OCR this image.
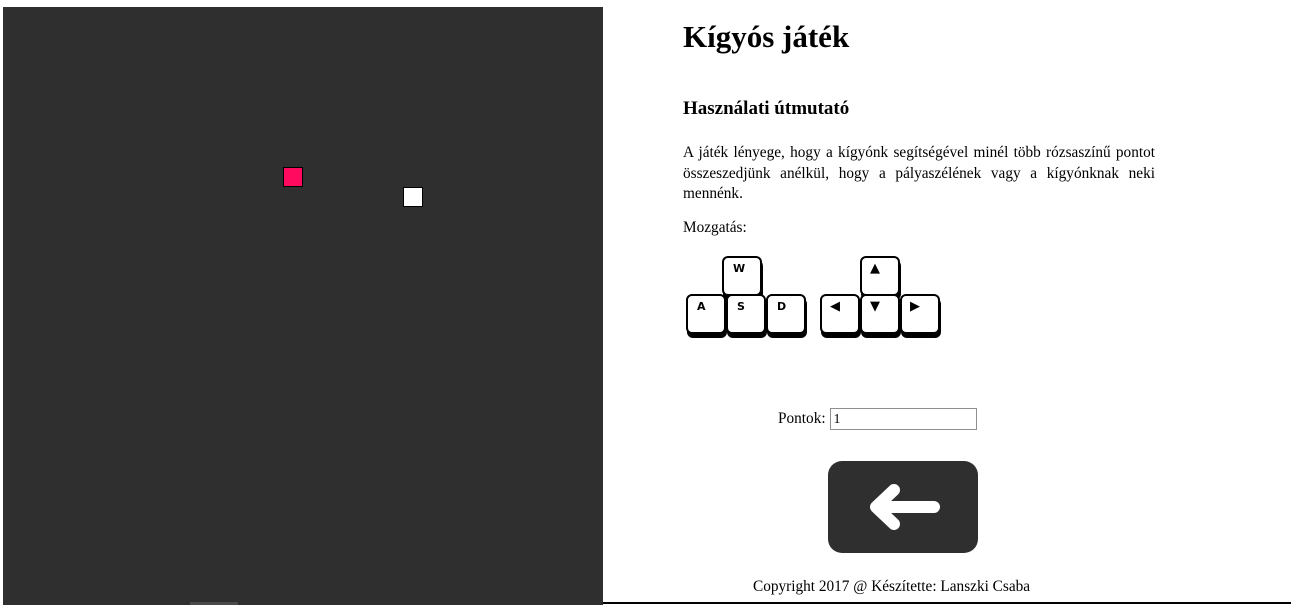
Kígyós játék
Használati útmutató

A játék lényege, hogy a kígyónk segítségével minél több rózsaszínű pontot összeszedjünk anélkül, hogy a pályaszélének vagy a kígyónknak neki mennénk.

Mozgatás:

W
A	S	D
▲
◀ ▼ ▶
Pontok:
1

Copyright 2017 @ Készítette: Lanszki Csaba
